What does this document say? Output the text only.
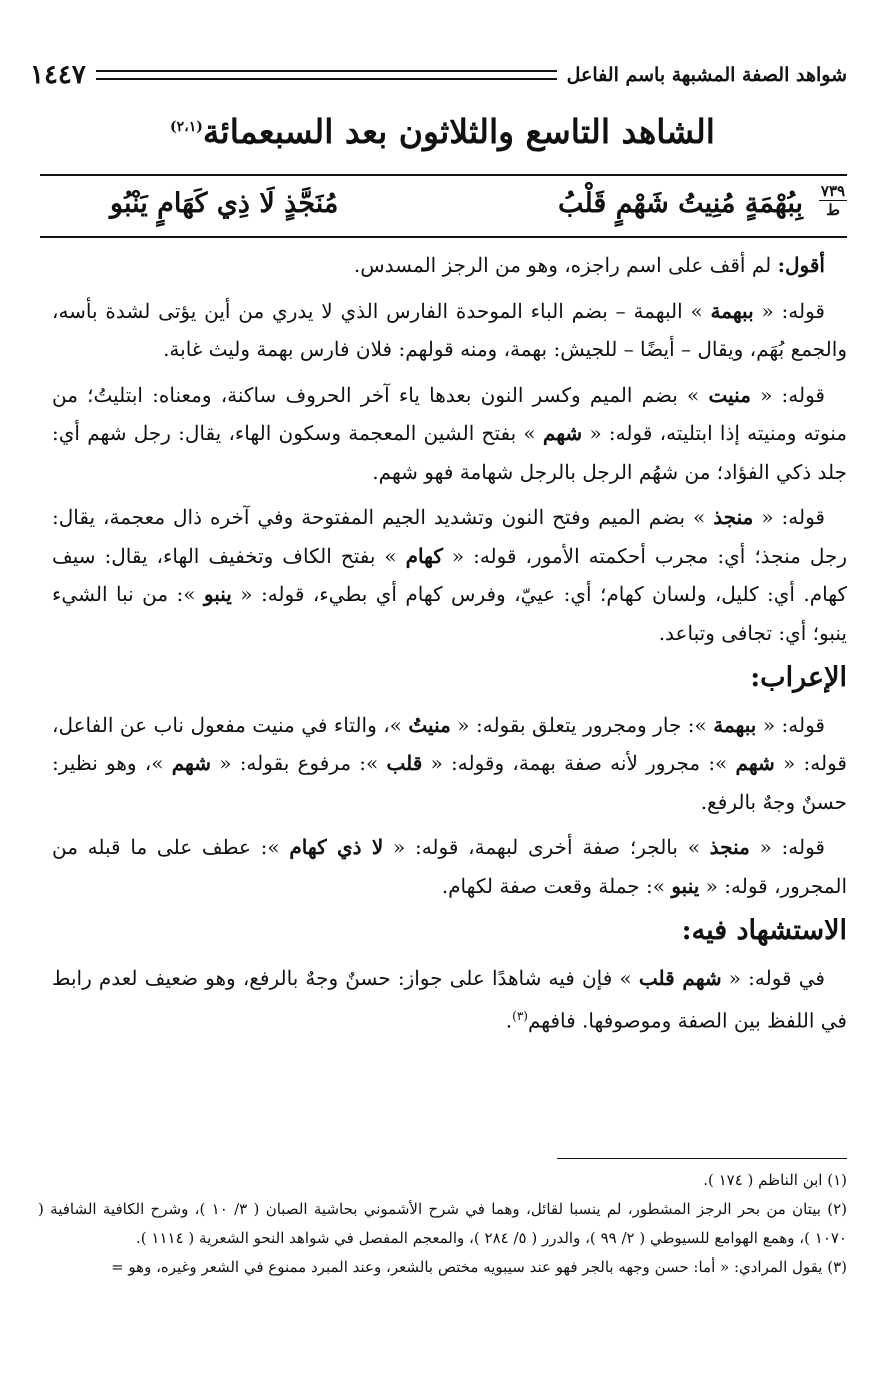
شواهد الصفة المشبهة باسم الفاعل
١٤٤٧
الشاهد التاسع والثلاثون بعد السبعمائة$^{(٢،١)}$
٧٣٩
ط
بِبُهْمَةٍ مُنِيتُ شَهْمٍ قَلْبُ
مُنَجَّذٍ لَا ذِي كَهَامٍ يَنْبُو

أقول: لم أقف على اسم راجزه، وهو من الرجز المسدس.

قوله: « ببهمة » البهمة – بضم الباء الموحدة الفارس الذي لا يدري من أين يؤتى لشدة بأسه، والجمع بُهَم، ويقال – أيضًا – للجيش: بهمة، ومنه قولهم: فلان فارس بهمة وليث غابة.

قوله: « منيت » بضم الميم وكسر النون بعدها ياء آخر الحروف ساكنة، ومعناه: ابتليتُ؛ من منوته ومنيته إذا ابتليته، قوله: « شهم » بفتح الشين المعجمة وسكون الهاء، يقال: رجل شهم أي: جلد ذكي الفؤاد؛ من شهُم الرجل بالرجل شهامة فهو شهم.

قوله: « منجذ » بضم الميم وفتح النون وتشديد الجيم المفتوحة وفي آخره ذال معجمة، يقال: رجل منجذ؛ أي: مجرب أحكمته الأمور، قوله: « كهام » بفتح الكاف وتخفيف الهاء، يقال: سيف كهام. أي: كليل، ولسان كهام؛ أي: عييّ، وفرس كهام أي بطيء، قوله: « ينبو »: من نبا الشيء ينبو؛ أي: تجافى وتباعد.

الإعراب:

قوله: « ببهمة »: جار ومجرور يتعلق بقوله: « منيتُ »، والتاء في منيت مفعول ناب عن الفاعل، قوله: « شهم »: مجرور لأنه صفة بهمة، وقوله: « قلب »: مرفوع بقوله: « شهم »، وهو نظير: حسنٌ وجهٌ بالرفع.

قوله: « منجذ » بالجر؛ صفة أخرى لبهمة، قوله: « لا ذي كهام »: عطف على ما قبله من المجرور، قوله: « ينبو »: جملة وقعت صفة لكهام.

الاستشهاد فيه:

في قوله: « شهم قلب » فإن فيه شاهدًا على جواز: حسنٌ وجهٌ بالرفع، وهو ضعيف لعدم رابط في اللفظ بين الصفة وموصوفها. فافهم$^{(٣)}$.

(١) ابن الناظم ( ١٧٤ ).

(٢) بيتان من بحر الرجز المشطور، لم ينسبا لقائل، وهما في شرح الأشموني بحاشية الصبان ( ٣/ ١٠ )، وشرح الكافية الشافية ( ١٠٧٠ )، وهمع الهوامع للسيوطي ( ٢/ ٩٩ )، والدرر ( ٥/ ٢٨٤ )، والمعجم المفصل في شواهد النحو الشعرية ( ١١١٤ ).

(٣) يقول المرادي: « أما: حسن وجهه بالجر فهو عند سيبويه مختص بالشعر، وعند المبرد ممنوع في الشعر وغيره، وهو =
